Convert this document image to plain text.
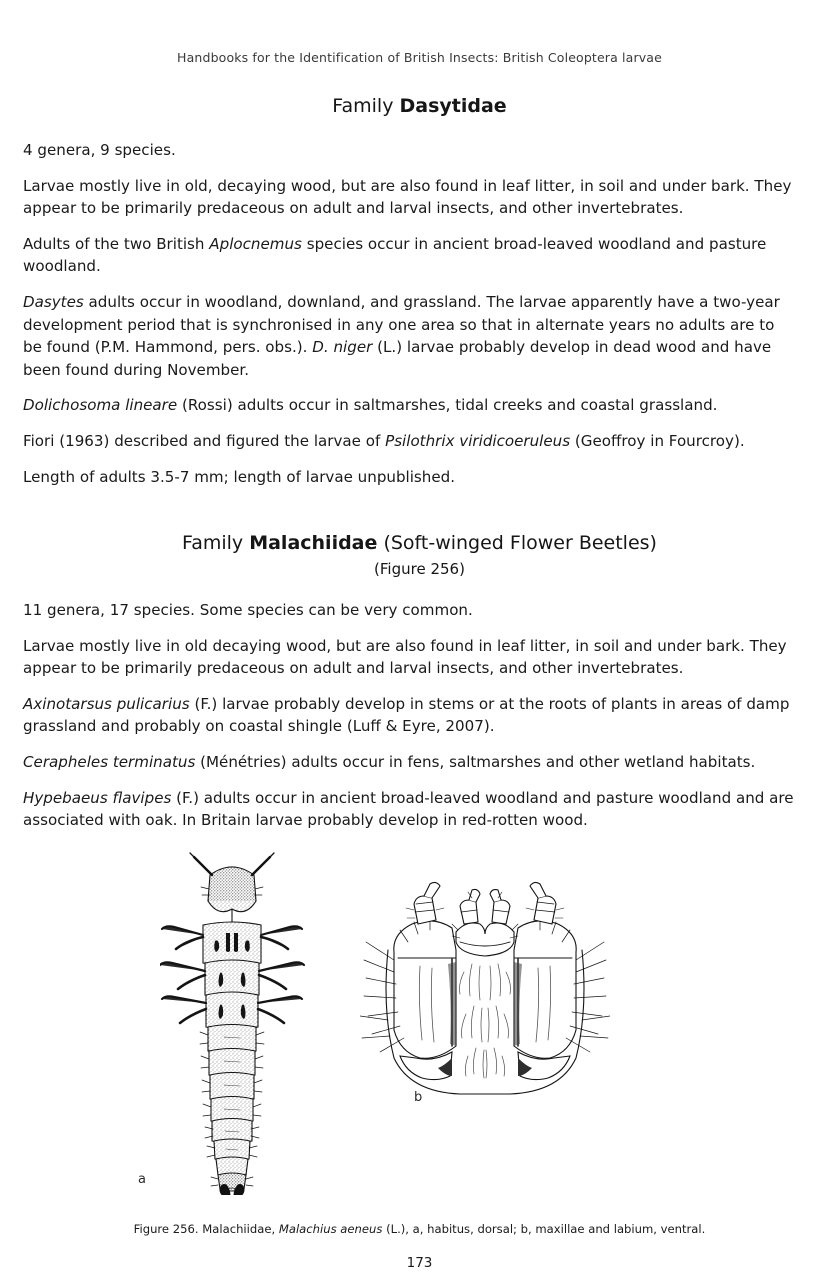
Handbooks for the Identification of British Insects: British Coleoptera larvae
Family Dasytidae

4 genera, 9 species.

Larvae mostly live in old, decaying wood, but are also found in leaf litter, in soil and under bark. They appear to be primarily predaceous on adult and larval insects, and other invertebrates.

Adults of the two British Aplocnemus species occur in ancient broad-leaved woodland and pasture woodland.

Dasytes adults occur in woodland, downland, and grassland. The larvae apparently have a two-year development period that is synchronised in any one area so that in alternate years no adults are to be found (P.M. Hammond, pers. obs.). D. niger (L.) larvae probably develop in dead wood and have been found during November.

Dolichosoma lineare (Rossi) adults occur in saltmarshes, tidal creeks and coastal grassland.

Fiori (1963) described and figured the larvae of Psilothrix viridicoeruleus (Geoffroy in Fourcroy).

Length of adults 3.5-7 mm; length of larvae unpublished.

Family Malachiidae (Soft-winged Flower Beetles)
(Figure 256)

11 genera, 17 species. Some species can be very common.

Larvae mostly live in old decaying wood, but are also found in leaf litter, in soil and under bark. They appear to be primarily predaceous on adult and larval insects, and other invertebrates.

Axinotarsus pulicarius (F.) larvae probably develop in stems or at the roots of plants in areas of damp grassland and probably on coastal shingle (Luff & Eyre, 2007).

Cerapheles terminatus (Ménétries) adults occur in fens, saltmarshes and other wetland habitats.

Hypebaeus flavipes (F.) adults occur in ancient broad-leaved woodland and pasture woodland and are associated with oak. In Britain larvae probably develop in red-rotten wood.

a
b
Figure 256. Malachiidae, Malachius aeneus (L.), a, habitus, dorsal; b, maxillae and labium, ventral.
173
